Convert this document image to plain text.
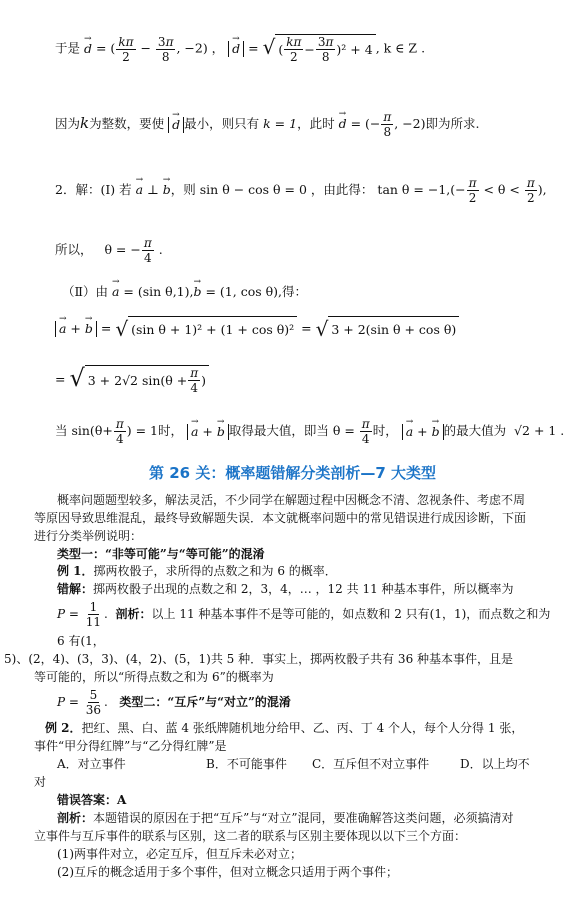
于是 → d = ( $\frac{k\pi}{2} - \frac{3\pi}{8}$ , −2) ， → d = √ ( $\frac{k\pi}{2} - \frac{3\pi}{8} )^2 + 4$ , k ∈ Z .
因为k为整数，要使 → d 最小，则只有 k = 1，此时 → d = (− $\frac{\pi}{8}$ , −2)即为所求.
2．解：(Ⅰ) 若 → a ⊥ → b，则 sin θ − cos θ = 0 ，由此得： $\tan \theta = -1,(- \frac{\pi}{2} < \theta < \frac{\pi}{2}$ ),
所以， θ = − $\frac{\pi}{4}$ .
（Ⅱ）由 → a = (sin θ,1),→ b = (1, cos θ),得：
→ a + → b = √ (sin θ + 1)² + (1 + cos θ)² = √ 3 + 2(sin θ + cos θ)
= √ 3 + 2√2 $\sin(\theta + \frac{\pi}{4}$ )
当 $\sin(\theta+ \frac{\pi}{4}$ ) = 1时， → a + → b 取得最大值，即当 $\theta = \frac{\pi}{4}$ 时， → a + → b 的最大值为 √2 + 1 .
第 26 关：概率题错解分类剖析—7 大类型
概率问题题型较多，解法灵活，不少同学在解题过程中因概念不清、忽视条件、考虑不周
等原因导致思维混乱，最终导致解题失误．本文就概率问题中的常见错误进行成因诊断，下面
进行分类举例说明：
类型一：“非等可能”与“等可能”的混淆
例 1．掷两枚骰子，求所得的点数之和为 6 的概率．
错解：掷两枚骰子出现的点数之和 2，3，4，… ，12 共 11 种基本事件，所以概率为
$P = \frac{1}{11}$ .  剖析：以上 11 种基本事件不是等可能的，如点数和 2 只有(1，1)，而点数之和为
6 有(1，
5)、(2，4)、(3，3)、(4，2)、(5，1)共 5 种．事实上，掷两枚骰子共有 36 种基本事件，且是
等可能的，所以“所得点数之和为 6”的概率为
$P = \frac{5}{36}$ .   类型二：“互斥”与“对立”的混淆
例 2．把红、黑、白、蓝 4 张纸牌随机地分给甲、乙、丙、丁 4 个人，每个人分得 1 张，
事件“甲分得红牌”与“乙分得红牌”是
A．对立事件	B．不可能事件 C．互斥但不对立事件	D．以上均不
对
错误答案：A
剖析：本题错误的原因在于把“互斥”与“对立”混同，要准确解答这类问题，必须搞清对
立事件与互斥事件的联系与区别，这二者的联系与区别主要体现以以下三个方面：
(1)两事件对立，必定互斥，但互斥未必对立；
(2)互斥的概念适用于多个事件，但对立概念只适用于两个事件；
